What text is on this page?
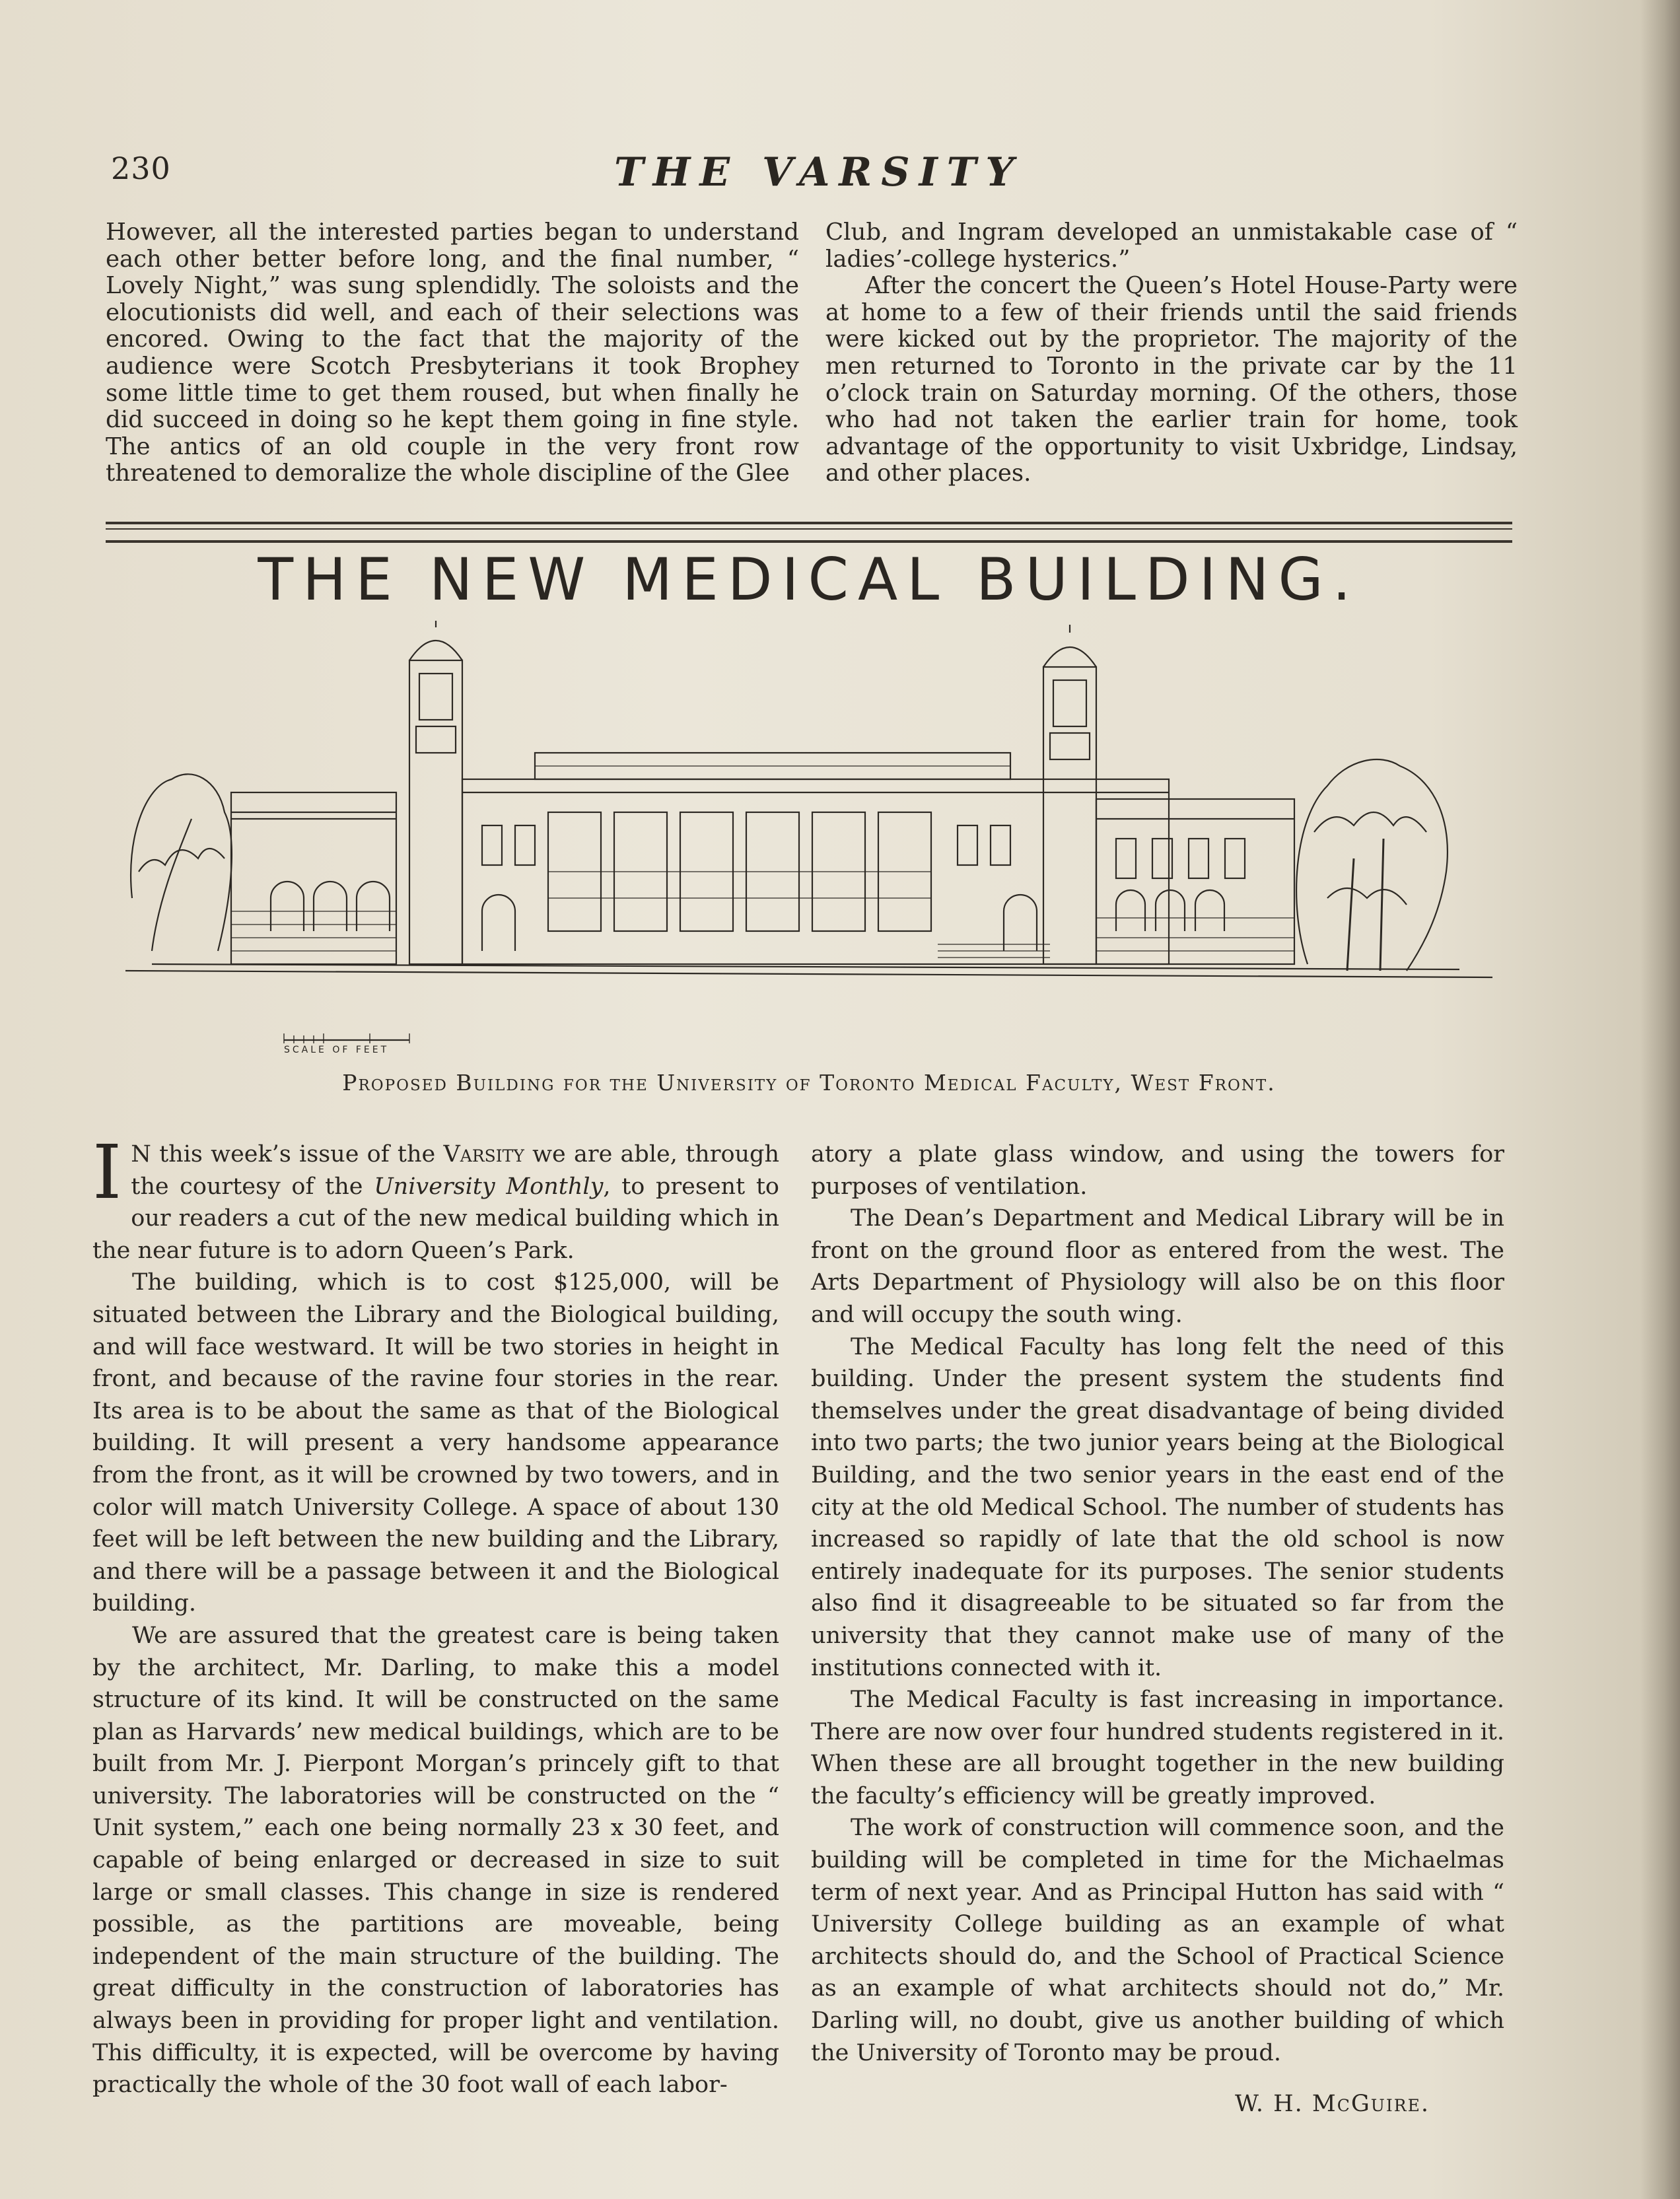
230	THE VARSITY

However, all the interested parties began to understand each other better before long, and the final number, “ Lovely Night,” was sung splendidly. The soloists and the elocutionists did well, and each of their selections was encored. Owing to the fact that the majority of the audience were Scotch Presbyterians it took Brophey some little time to get them roused, but when finally he did succeed in doing so he kept them going in fine style. The antics of an old couple in the very front row threatened to demoralize the whole discipline of the Glee

Club, and Ingram developed an unmistakable case of “ ladies’-college hysterics.”

After the concert the Queen’s Hotel House-Party were at home to a few of their friends until the said friends were kicked out by the proprietor. The majority of the men returned to Toronto in the private car by the 11 o’clock train on Saturday morning. Of the others, those who had not taken the earlier train for home, took advantage of the opportunity to visit Uxbridge, Lindsay, and other places.

THE NEW MEDICAL BUILDING.
SCALE OF FEET
Proposed Building for the University of Toronto Medical Faculty, West Front.

I N this week’s issue of the Varsity we are able, through the courtesy of the University Monthly, to present to our readers a cut of the new medical building which in the near future is to adorn Queen’s Park.

The building, which is to cost $125,000, will be situated between the Library and the Biological building, and will face westward. It will be two stories in height in front, and because of the ravine four stories in the rear. Its area is to be about the same as that of the Biological building. It will present a very handsome appearance from the front, as it will be crowned by two towers, and in color will match University College. A space of about 130 feet will be left between the new building and the Library, and there will be a passage between it and the Biological building.

We are assured that the greatest care is being taken by the architect, Mr. Darling, to make this a model structure of its kind. It will be constructed on the same plan as Harvards’ new medical buildings, which are to be built from Mr. J. Pierpont Morgan’s princely gift to that university. The laboratories will be constructed on the “ Unit system,” each one being normally 23 x 30 feet, and capable of being enlarged or decreased in size to suit large or small classes. This change in size is rendered possible, as the partitions are moveable, being independent of the main structure of the building. The great difficulty in the construction of laboratories has always been in providing for proper light and ventilation. This difficulty, it is expected, will be overcome by having practically the whole of the 30 foot wall of each labor-

atory a plate glass window, and using the towers for purposes of ventilation.

The Dean’s Department and Medical Library will be in front on the ground floor as entered from the west. The Arts Department of Physiology will also be on this floor and will occupy the south wing.

The Medical Faculty has long felt the need of this building. Under the present system the students find themselves under the great disadvantage of being divided into two parts; the two junior years being at the Biological Building, and the two senior years in the east end of the city at the old Medical School. The number of students has increased so rapidly of late that the old school is now entirely inadequate for its purposes. The senior students also find it disagreeable to be situated so far from the university that they cannot make use of many of the institutions connected with it.

The Medical Faculty is fast increasing in importance. There are now over four hundred students registered in it. When these are all brought together in the new building the faculty’s efficiency will be greatly improved.

The work of construction will commence soon, and the building will be completed in time for the Michaelmas term of next year. And as Principal Hutton has said with “ University College building as an example of what architects should do, and the School of Practical Science as an example of what architects should not do,” Mr. Darling will, no doubt, give us another building of which the University of Toronto may be proud.

W. H. McGuire.
